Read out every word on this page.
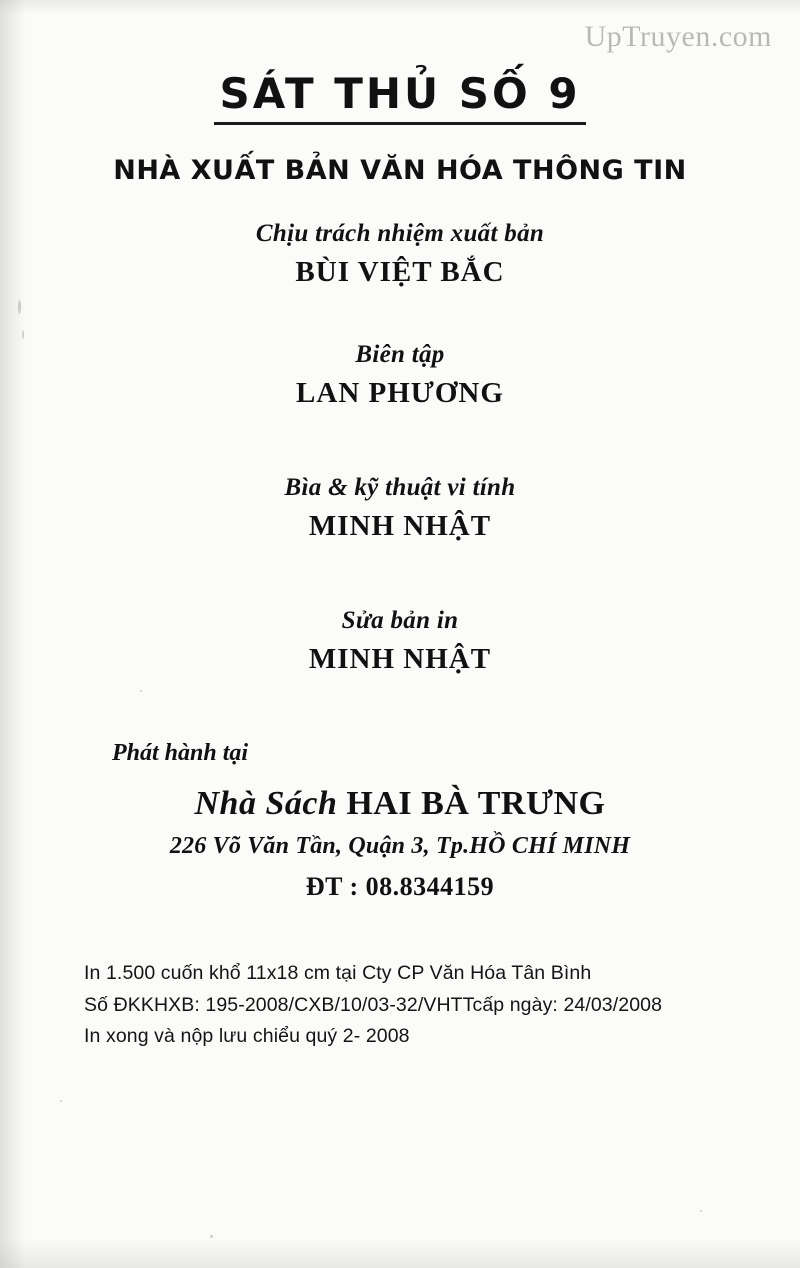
UpTruyen.com
SÁT THỦ SỐ 9
NHÀ XUẤT BẢN VĂN HÓA THÔNG TIN
Chịu trách nhiệm xuất bản
BÙI VIỆT BẮC
Biên tập
LAN PHƯƠNG
Bìa & kỹ thuật vi tính
MINH NHẬT
Sửa bản in
MINH NHẬT
Phát hành tại
Nhà Sách HAI BÀ TRƯNG
226 Võ Văn Tần, Quận 3, Tp.HỒ CHÍ MINH
ĐT : 08.8344159
In 1.500 cuốn khổ 11x18 cm tại Cty CP Văn Hóa Tân Bình
Số ĐKKHXB: 195-2008/CXB/10/03-32/VHTTcấp ngày: 24/03/2008
In xong và nộp lưu chiểu quý 2- 2008
